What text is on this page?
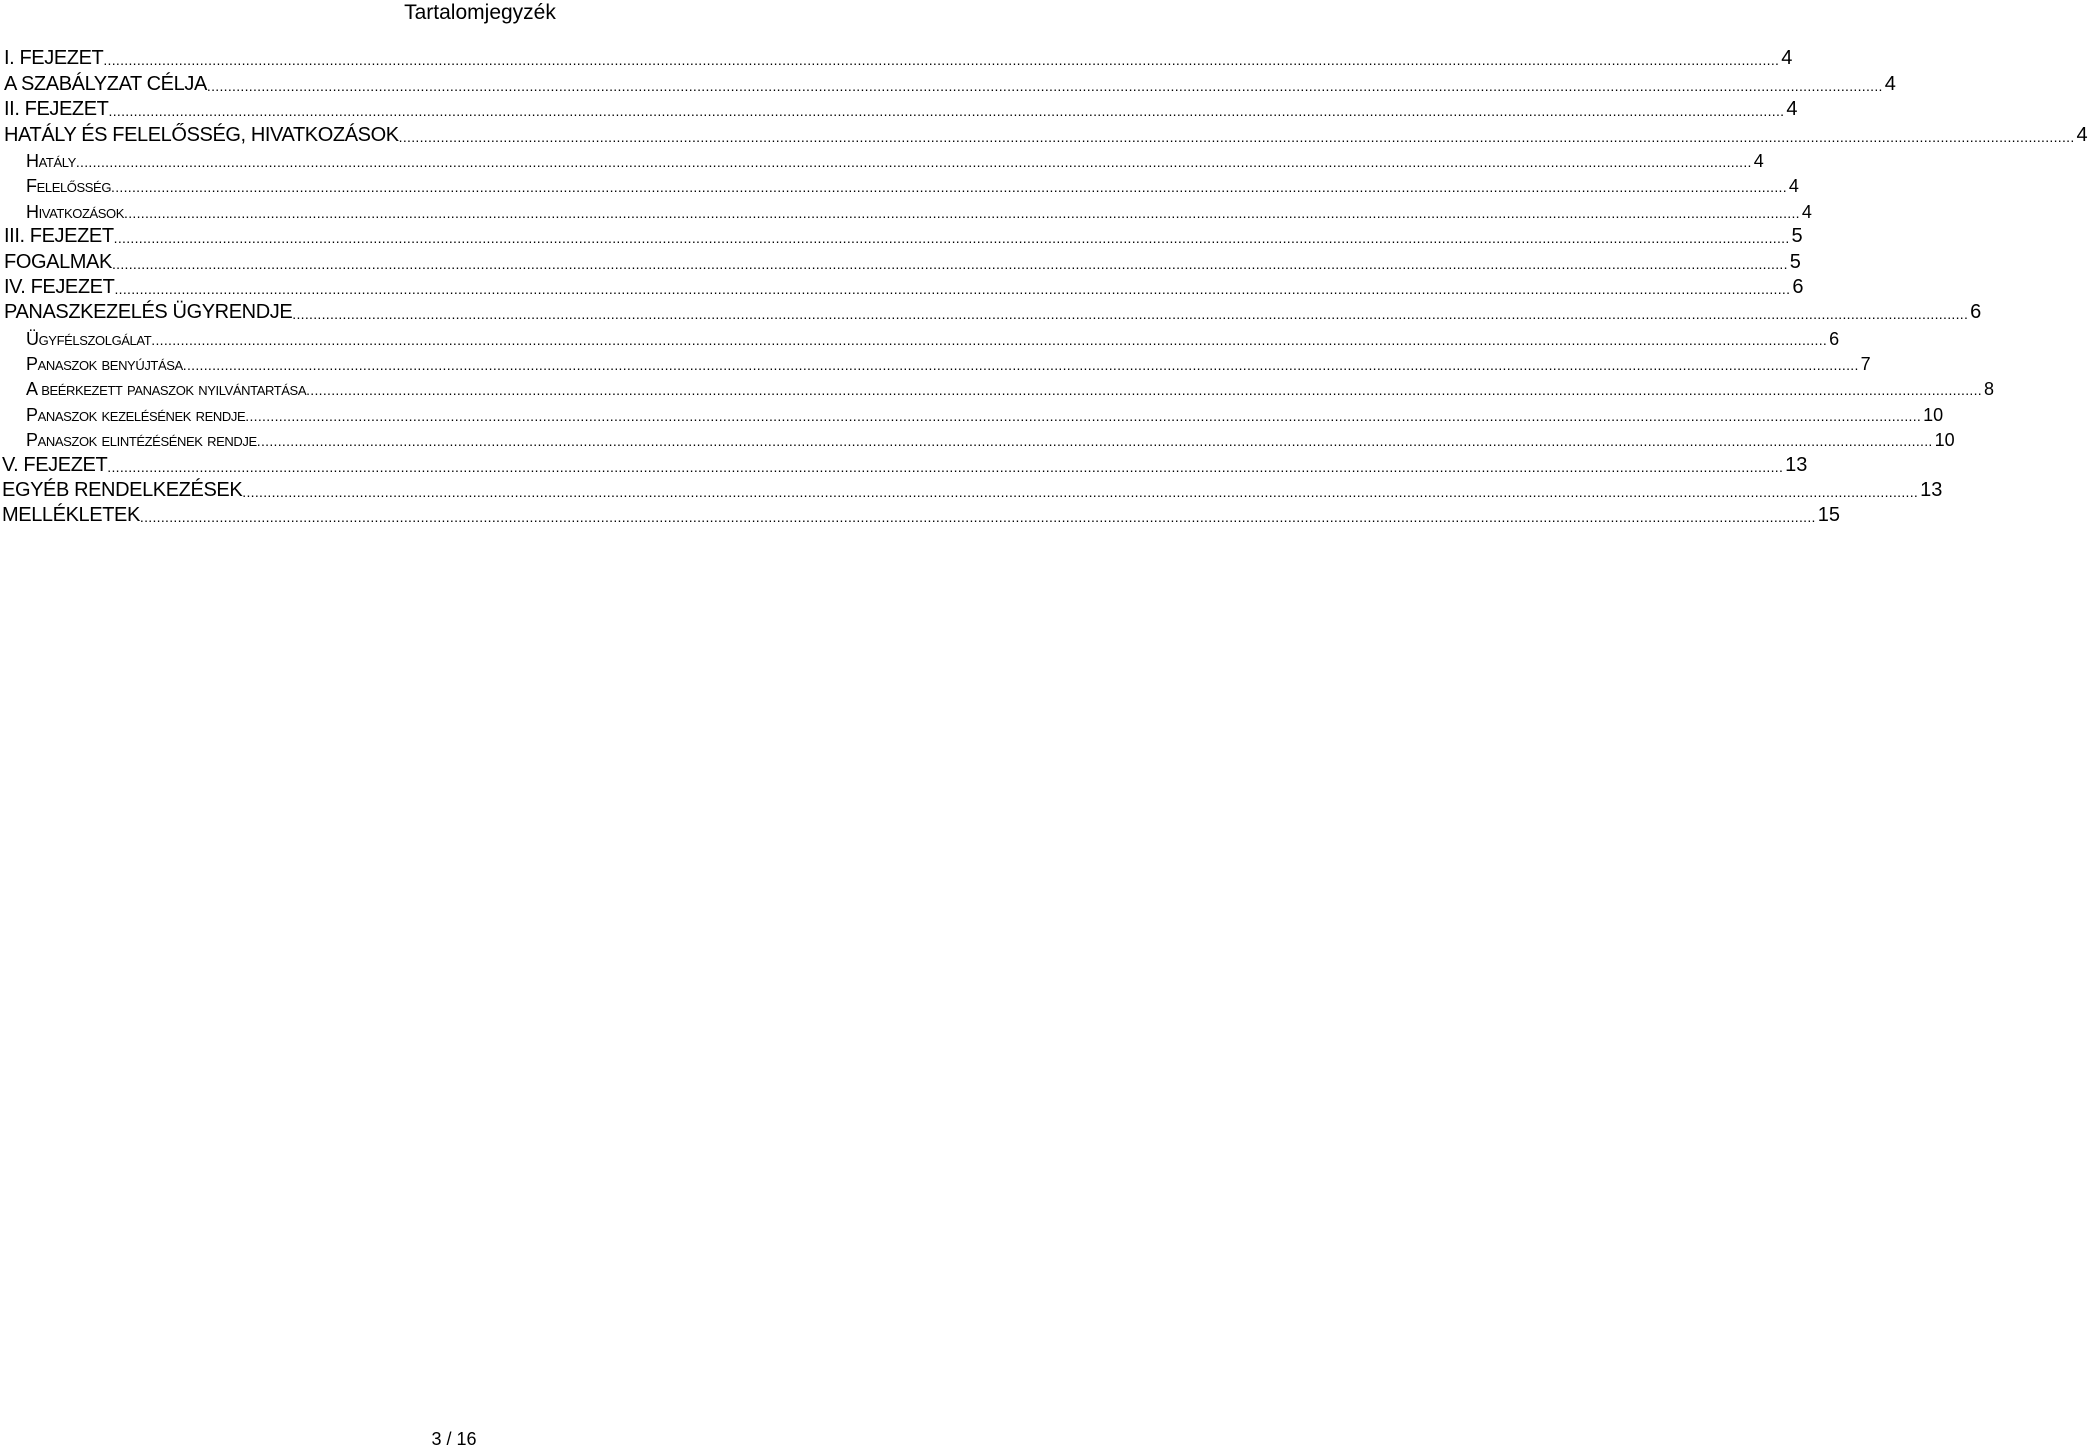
Tartalomjegyzék
I. FEJEZET ................................................................................................................................................................................................................................................................................................................................................................................................................ 4
A SZABÁLYZAT CÉLJA ................................................................................................................................................................................................................................................................................................................................................................................................................ 4
II. FEJEZET ................................................................................................................................................................................................................................................................................................................................................................................................................ 4
HATÁLY ÉS FELELŐSSÉG, HIVATKOZÁSOK ................................................................................................................................................................................................................................................................................................................................................................................................................ 4
Hatály ................................................................................................................................................................................................................................................................................................................................................................................................................ 4
Felelősség ................................................................................................................................................................................................................................................................................................................................................................................................................ 4
Hivatkozások ................................................................................................................................................................................................................................................................................................................................................................................................................ 4
III. FEJEZET ................................................................................................................................................................................................................................................................................................................................................................................................................ 5
FOGALMAK ................................................................................................................................................................................................................................................................................................................................................................................................................ 5
IV. FEJEZET ................................................................................................................................................................................................................................................................................................................................................................................................................ 6
PANASZKEZELÉS ÜGYRENDJE ................................................................................................................................................................................................................................................................................................................................................................................................................ 6
Ügyfélszolgálat ................................................................................................................................................................................................................................................................................................................................................................................................................ 6
Panaszok benyújtása ................................................................................................................................................................................................................................................................................................................................................................................................................ 7
A beérkezett panaszok nyilvántartása ................................................................................................................................................................................................................................................................................................................................................................................................................ 8
Panaszok kezelésének rendje ................................................................................................................................................................................................................................................................................................................................................................................................................ 10
Panaszok elintézésének rendje ................................................................................................................................................................................................................................................................................................................................................................................................................ 10
V. FEJEZET ................................................................................................................................................................................................................................................................................................................................................................................................................ 13
EGYÉB RENDELKEZÉSEK ................................................................................................................................................................................................................................................................................................................................................................................................................ 13
MELLÉKLETEK ................................................................................................................................................................................................................................................................................................................................................................................................................ 15
3 / 16
